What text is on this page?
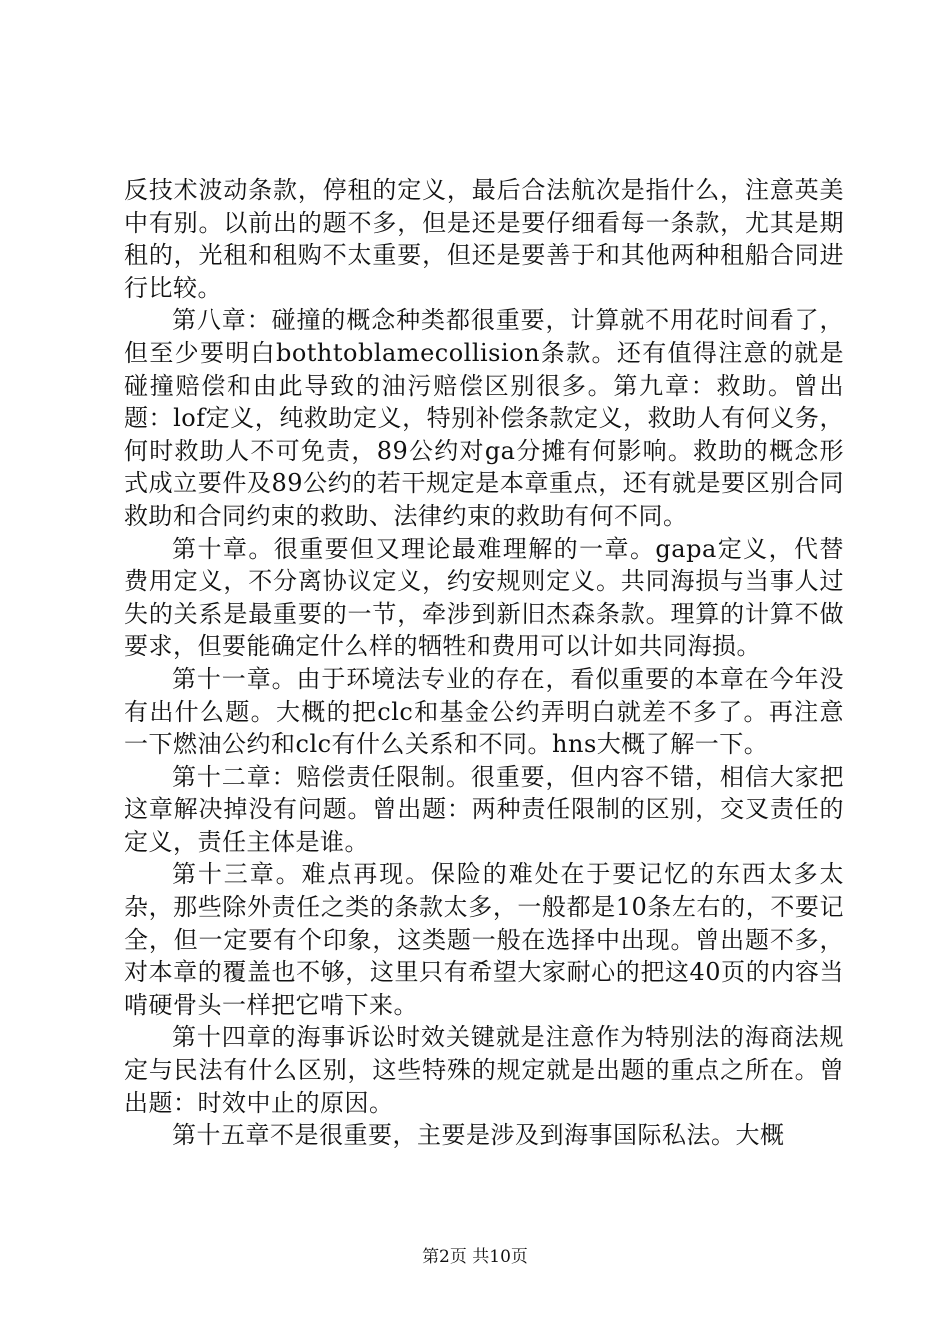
反技术波动条款，停租的定义，最后合法航次是指什么，注意英美中有别。以前出的题不多，但是还是要仔细看每一条款，尤其是期租的，光租和租购不太重要，但还是要善于和其他两种租船合同进行比较。

第八章：碰撞的概念种类都很重要，计算就不用花时间看了，但至少要明白bothtoblamecollision条款。还有值得注意的就是碰撞赔偿和由此导致的油污赔偿区别很多。第九章：救助。曾出题：lof定义，纯救助定义，特别补偿条款定义，救助人有何义务，何时救助人不可免责，89公约对ga分摊有何影响。救助的概念形式成立要件及89公约的若干规定是本章重点，还有就是要区别合同救助和合同约束的救助、法律约束的救助有何不同。

第十章。很重要但又理论最难理解的一章。gapa定义，代替费用定义，不分离协议定义，约安规则定义。共同海损与当事人过失的关系是最重要的一节，牵涉到新旧杰森条款。理算的计算不做要求，但要能确定什么样的牺牲和费用可以计如共同海损。

第十一章。由于环境法专业的存在，看似重要的本章在今年没有出什么题。大概的把clc和基金公约弄明白就差不多了。再注意一下燃油公约和clc有什么关系和不同。hns大概了解一下。

第十二章：赔偿责任限制。很重要，但内容不错，相信大家把这章解决掉没有问题。曾出题：两种责任限制的区别，交叉责任的定义，责任主体是谁。

第十三章。难点再现。保险的难处在于要记忆的东西太多太杂，那些除外责任之类的条款太多，一般都是10条左右的，不要记全，但一定要有个印象，这类题一般在选择中出现。曾出题不多，对本章的覆盖也不够，这里只有希望大家耐心的把这40页的内容当啃硬骨头一样把它啃下来。

第十四章的海事诉讼时效关键就是注意作为特别法的海商法规定与民法有什么区别，这些特殊的规定就是出题的重点之所在。曾出题：时效中止的原因。

第十五章不是很重要，主要是涉及到海事国际私法。大概

第2页 共10页
